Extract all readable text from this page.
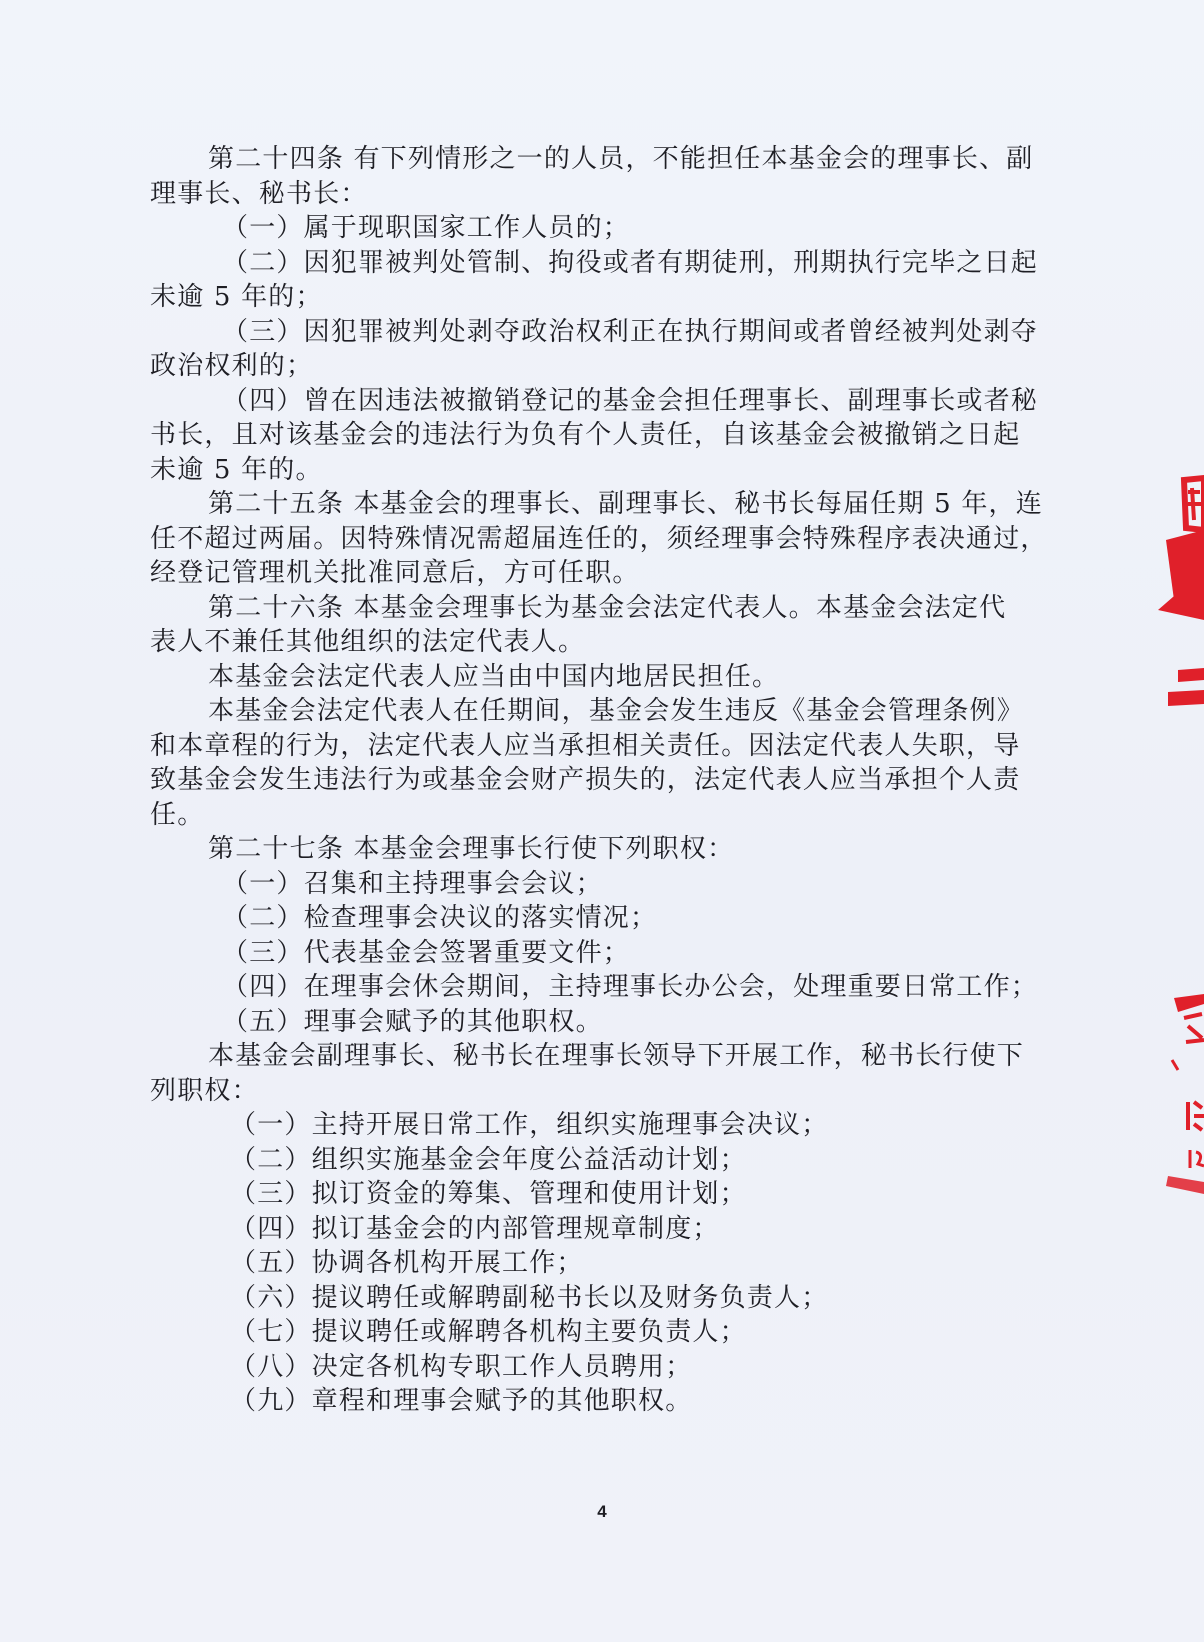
第二十四条 有下列情形之一的人员，不能担任本基金会的理事长、副

理事长、秘书长：

（一）属于现职国家工作人员的；

（二）因犯罪被判处管制、拘役或者有期徒刑，刑期执行完毕之日起

未逾 5 年的；

（三）因犯罪被判处剥夺政治权利正在执行期间或者曾经被判处剥夺

政治权利的；

（四）曾在因违法被撤销登记的基金会担任理事长、副理事长或者秘

书长，且对该基金会的违法行为负有个人责任，自该基金会被撤销之日起

未逾 5 年的。

第二十五条 本基金会的理事长、副理事长、秘书长每届任期 5 年，连

任不超过两届。因特殊情况需超届连任的，须经理事会特殊程序表决通过，

经登记管理机关批准同意后，方可任职。

第二十六条 本基金会理事长为基金会法定代表人。本基金会法定代

表人不兼任其他组织的法定代表人。

本基金会法定代表人应当由中国内地居民担任。

本基金会法定代表人在任期间，基金会发生违反《基金会管理条例》

和本章程的行为，法定代表人应当承担相关责任。因法定代表人失职，导

致基金会发生违法行为或基金会财产损失的，法定代表人应当承担个人责

任。

第二十七条 本基金会理事长行使下列职权：

（一）召集和主持理事会会议；

（二）检查理事会决议的落实情况；

（三）代表基金会签署重要文件；

（四）在理事会休会期间，主持理事长办公会，处理重要日常工作；

（五）理事会赋予的其他职权。

本基金会副理事长、秘书长在理事长领导下开展工作，秘书长行使下

列职权：

（一）主持开展日常工作，组织实施理事会决议；

（二）组织实施基金会年度公益活动计划；

（三）拟订资金的筹集、管理和使用计划；

（四）拟订基金会的内部管理规章制度；

（五）协调各机构开展工作；

（六）提议聘任或解聘副秘书长以及财务负责人；

（七）提议聘任或解聘各机构主要负责人；

（八）决定各机构专职工作人员聘用；

（九）章程和理事会赋予的其他职权。

4
